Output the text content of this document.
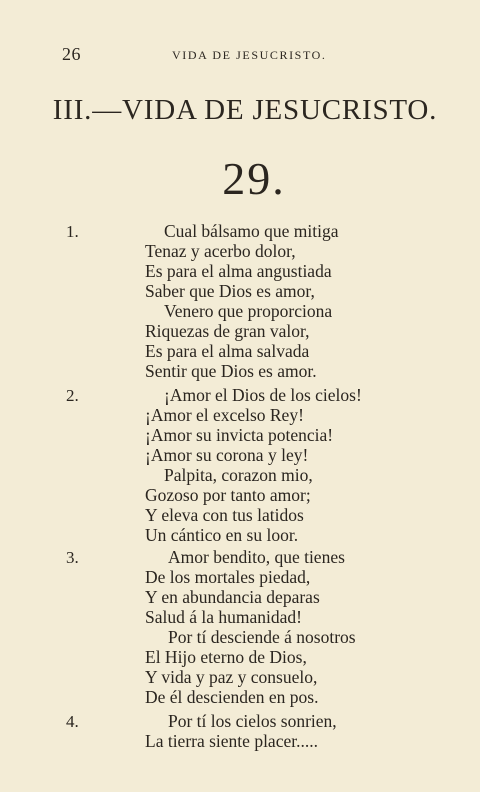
26	VIDA DE JESUCRISTO.
III.—VIDA DE JESUCRISTO.
29.
1.	Cual bálsamo que mitiga
Tenaz y acerbo dolor,
Es para el alma angustiada
Saber que Dios es amor,
Venero que proporciona
Riquezas de gran valor,
Es para el alma salvada
Sentir que Dios es amor.
2.	¡Amor el Dios de los cielos!
¡Amor el excelso Rey!
¡Amor su invicta potencia!
¡Amor su corona y ley!
Palpita, corazon mio,
Gozoso por tanto amor;
Y eleva con tus latidos
Un cántico en su loor.
3.	Amor bendito, que tienes
De los mortales piedad,
Y en abundancia deparas
Salud á la humanidad!
Por tí desciende á nosotros
El Hijo eterno de Dios,
Y vida y paz y consuelo,
De él descienden en pos.
4.	Por tí los cielos sonrien,
La tierra siente placer.....
